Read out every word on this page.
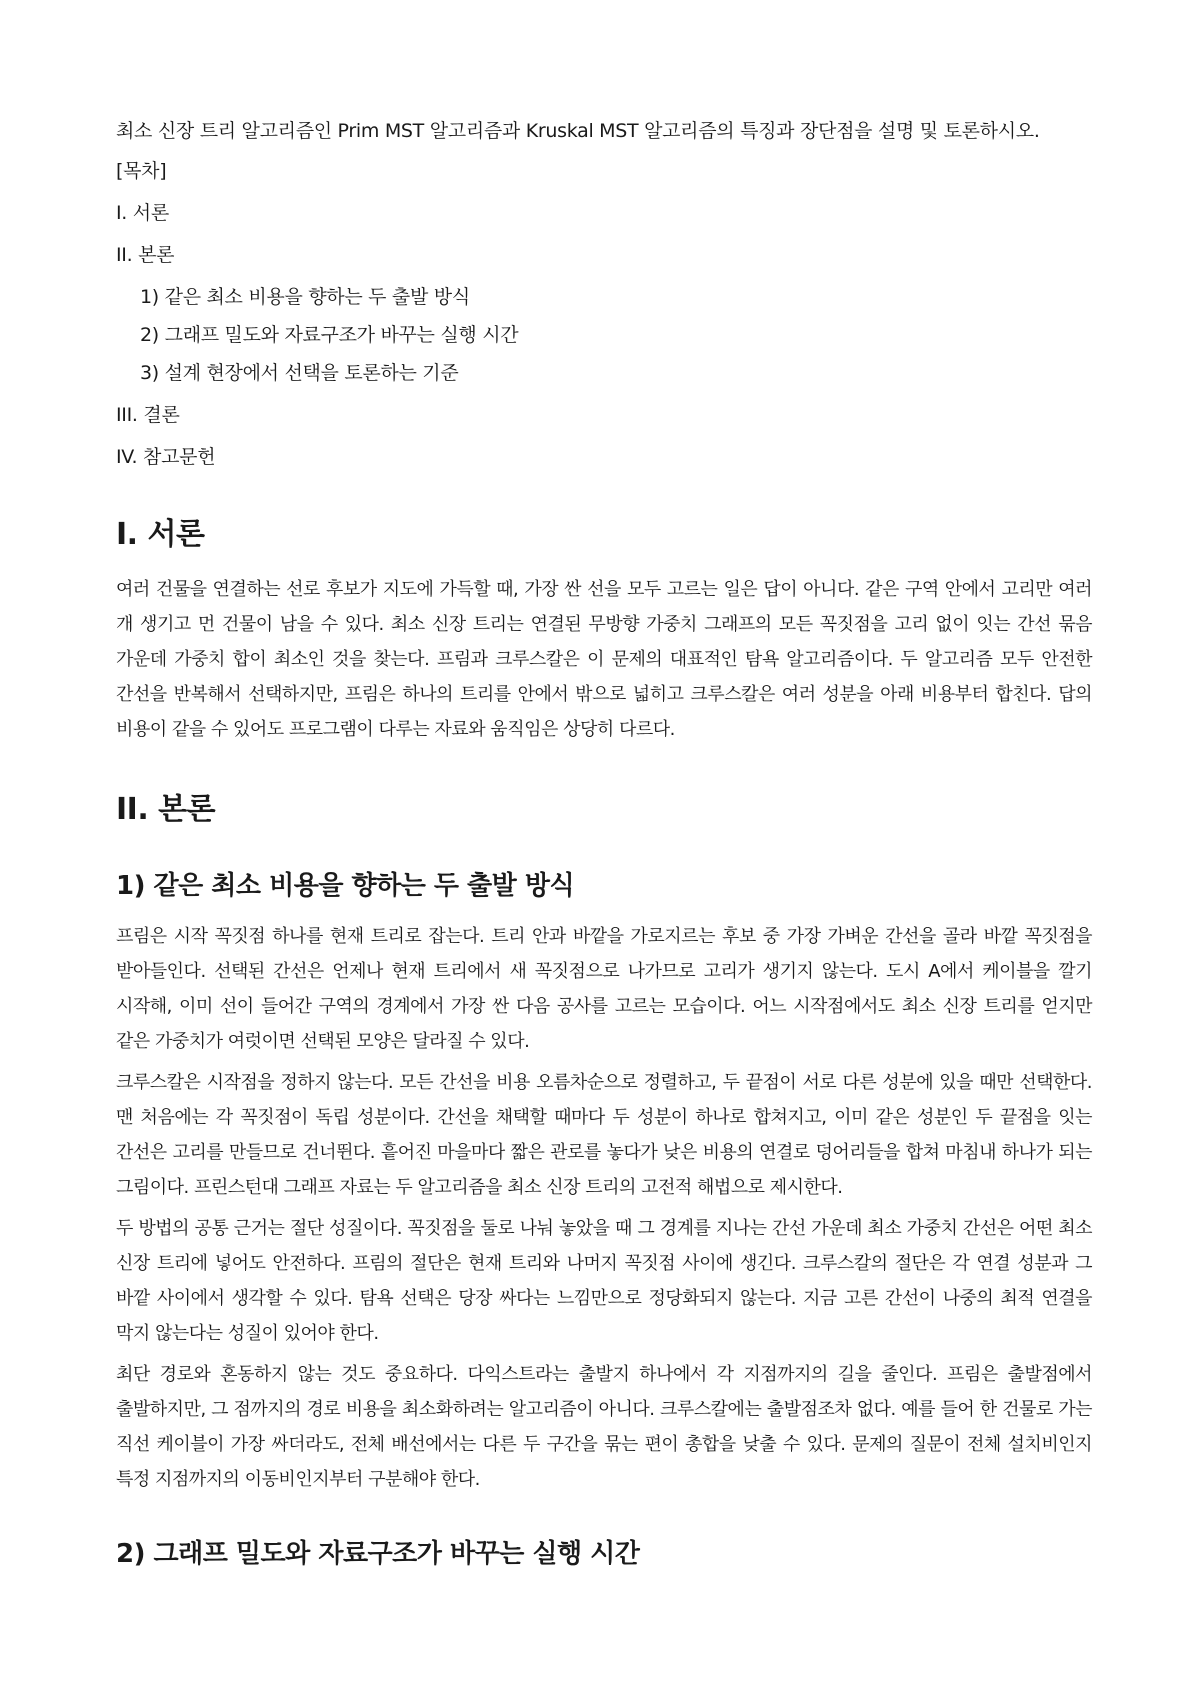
최소 신장 트리 알고리즘인 Prim MST 알고리즘과 Kruskal MST 알고리즘의 특징과 장단점을 설명 및 토론하시오.

[목차]
I. 서론
II. 본론
1) 같은 최소 비용을 향하는 두 출발 방식
2) 그래프 밀도와 자료구조가 바꾸는 실행 시간
3) 설계 현장에서 선택을 토론하는 기준
III. 결론
IV. 참고문헌
I. 서론

여러 건물을 연결하는 선로 후보가 지도에 가득할 때, 가장 싼 선을 모두 고르는 일은 답이 아니다. 같은 구역 안에서 고리만 여러 개 생기고 먼 건물이 남을 수 있다. 최소 신장 트리는 연결된 무방향 가중치 그래프의 모든 꼭짓점을 고리 없이 잇는 간선 묶음 가운데 가중치 합이 최소인 것을 찾는다. 프림과 크루스칼은 이 문제의 대표적인 탐욕 알고리즘이다. 두 알고리즘 모두 안전한 간선을 반복해서 선택하지만, 프림은 하나의 트리를 안에서 밖으로 넓히고 크루스칼은 여러 성분을 아래 비용부터 합친다. 답의 비용이 같을 수 있어도 프로그램이 다루는 자료와 움직임은 상당히 다르다.

II. 본론
1) 같은 최소 비용을 향하는 두 출발 방식

프림은 시작 꼭짓점 하나를 현재 트리로 잡는다. 트리 안과 바깥을 가로지르는 후보 중 가장 가벼운 간선을 골라 바깥 꼭짓점을 받아들인다. 선택된 간선은 언제나 현재 트리에서 새 꼭짓점으로 나가므로 고리가 생기지 않는다. 도시 A에서 케이블을 깔기 시작해, 이미 선이 들어간 구역의 경계에서 가장 싼 다음 공사를 고르는 모습이다. 어느 시작점에서도 최소 신장 트리를 얻지만 같은 가중치가 여럿이면 선택된 모양은 달라질 수 있다.

크루스칼은 시작점을 정하지 않는다. 모든 간선을 비용 오름차순으로 정렬하고, 두 끝점이 서로 다른 성분에 있을 때만 선택한다. 맨 처음에는 각 꼭짓점이 독립 성분이다. 간선을 채택할 때마다 두 성분이 하나로 합쳐지고, 이미 같은 성분인 두 끝점을 잇는 간선은 고리를 만들므로 건너뛴다. 흩어진 마을마다 짧은 관로를 놓다가 낮은 비용의 연결로 덩어리들을 합쳐 마침내 하나가 되는 그림이다. 프린스턴대 그래프 자료는 두 알고리즘을 최소 신장 트리의 고전적 해법으로 제시한다.

두 방법의 공통 근거는 절단 성질이다. 꼭짓점을 둘로 나눠 놓았을 때 그 경계를 지나는 간선 가운데 최소 가중치 간선은 어떤 최소 신장 트리에 넣어도 안전하다. 프림의 절단은 현재 트리와 나머지 꼭짓점 사이에 생긴다. 크루스칼의 절단은 각 연결 성분과 그 바깥 사이에서 생각할 수 있다. 탐욕 선택은 당장 싸다는 느낌만으로 정당화되지 않는다. 지금 고른 간선이 나중의 최적 연결을 막지 않는다는 성질이 있어야 한다.

최단 경로와 혼동하지 않는 것도 중요하다. 다익스트라는 출발지 하나에서 각 지점까지의 길을 줄인다. 프림은 출발점에서 출발하지만, 그 점까지의 경로 비용을 최소화하려는 알고리즘이 아니다. 크루스칼에는 출발점조차 없다. 예를 들어 한 건물로 가는 직선 케이블이 가장 싸더라도, 전체 배선에서는 다른 두 구간을 묶는 편이 총합을 낮출 수 있다. 문제의 질문이 전체 설치비인지 특정 지점까지의 이동비인지부터 구분해야 한다.

2) 그래프 밀도와 자료구조가 바꾸는 실행 시간
